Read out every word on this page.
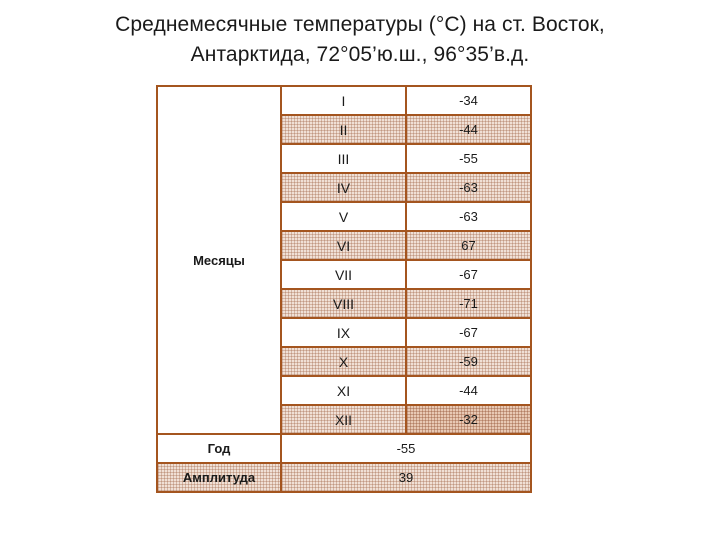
Среднемесячные температуры (°С) на ст. Восток,
Антарктида, 72°05’ю.ш., 96°35’в.д.
Месяцы	I	-34
	II	-44
	III	-55
	IV	-63
	V	-63
	VI	67
	VII	-67
	VIII	-71
	IX	-67
	X	-59
	XI	-44
	XII	-32
Год	-55	
Амплитуда	39	
